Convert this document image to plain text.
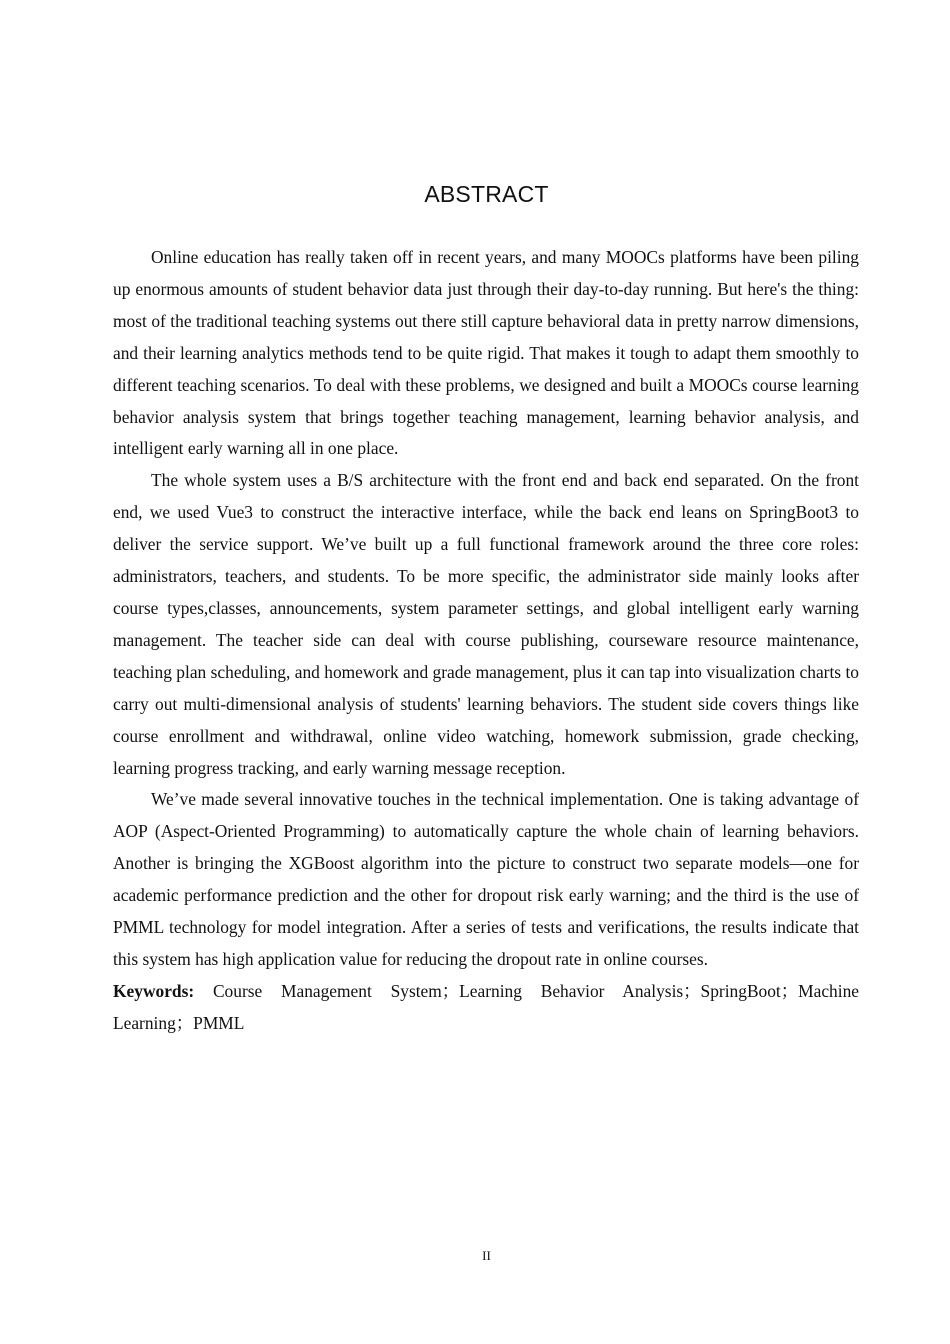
ABSTRACT

Online education has really taken off in recent years, and many MOOCs platforms have been piling up enormous amounts of student behavior data just through their day-to-day running. But here's the thing: most of the traditional teaching systems out there still capture behavioral data in pretty narrow dimensions, and their learning analytics methods tend to be quite rigid. That makes it tough to adapt them smoothly to different teaching scenarios. To deal with these problems, we designed and built a MOOCs course learning behavior analysis system that brings together teaching management, learning behavior analysis, and intelligent early warning all in one place.

The whole system uses a B/S architecture with the front end and back end separated. On the front end, we used Vue3 to construct the interactive interface, while the back end leans on SpringBoot3 to deliver the service support. We’ve built up a full functional framework around the three core roles: administrators, teachers, and students. To be more specific, the administrator side mainly looks after course types,classes, announcements, system parameter settings, and global intelligent early warning management. The teacher side can deal with course publishing, courseware resource maintenance, teaching plan scheduling, and homework and grade management, plus it can tap into visualization charts to carry out multi-dimensional analysis of students' learning behaviors. The student side covers things like course enrollment and withdrawal, online video watching, homework submission, grade checking, learning progress tracking, and early warning message reception.

We’ve made several innovative touches in the technical implementation. One is taking advantage of AOP (Aspect-Oriented Programming) to automatically capture the whole chain of learning behaviors. Another is bringing the XGBoost algorithm into the picture to construct two separate models—one for academic performance prediction and the other for dropout risk early warning; and the third is the use of PMML technology for model integration. After a series of tests and verifications, the results indicate that this system has high application value for reducing the dropout rate in online courses.

Keywords: Course Management System；Learning Behavior Analysis；SpringBoot；Machine Learning；PMML

II
